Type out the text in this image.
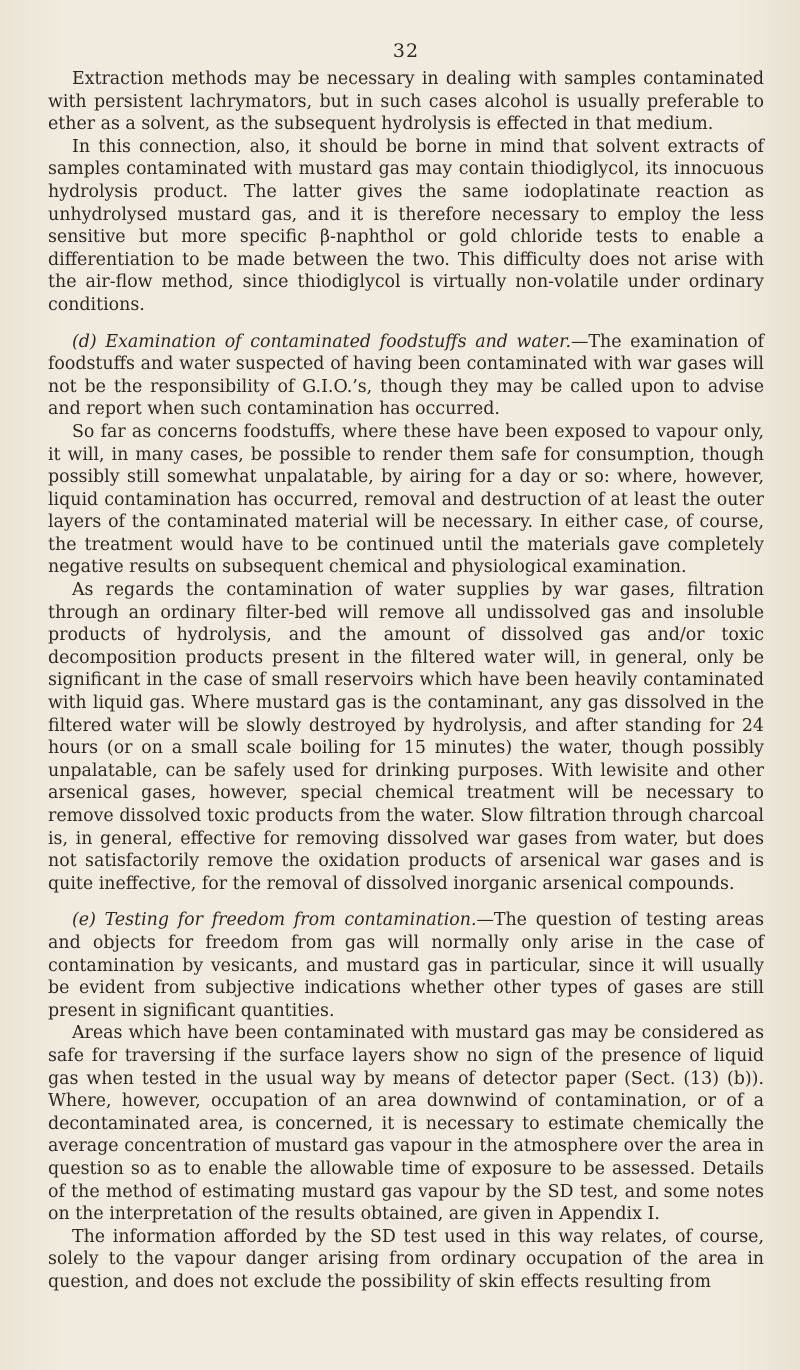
32

Extraction methods may be necessary in dealing with samples contaminated with persistent lachrymators, but in such cases alcohol is usually preferable to ether as a solvent, as the subsequent hydrolysis is effected in that medium.

In this connection, also, it should be borne in mind that solvent extracts of samples contaminated with mustard gas may contain thiodiglycol, its innocuous hydrolysis product. The latter gives the same iodoplatinate reaction as unhydrolysed mustard gas, and it is therefore necessary to employ the less sensitive but more specific β-naphthol or gold chloride tests to enable a differentiation to be made between the two. This difficulty does not arise with the air-flow method, since thiodiglycol is virtually non-volatile under ordinary conditions.

(d) Examination of contaminated foodstuffs and water.—The examination of foodstuffs and water suspected of having been contaminated with war gases will not be the responsibility of G.I.O.’s, though they may be called upon to advise and report when such contamination has occurred.

So far as concerns foodstuffs, where these have been exposed to vapour only, it will, in many cases, be possible to render them safe for consumption, though possibly still somewhat unpalatable, by airing for a day or so: where, however, liquid contamination has occurred, removal and destruction of at least the outer layers of the contaminated material will be necessary. In either case, of course, the treatment would have to be continued until the materials gave completely negative results on subsequent chemical and physiological examination.

As regards the contamination of water supplies by war gases, filtration through an ordinary filter-bed will remove all undissolved gas and insoluble products of hydrolysis, and the amount of dissolved gas and/or toxic decomposition products present in the filtered water will, in general, only be significant in the case of small reservoirs which have been heavily contaminated with liquid gas. Where mustard gas is the contaminant, any gas dissolved in the filtered water will be slowly destroyed by hydrolysis, and after standing for 24 hours (or on a small scale boiling for 15 minutes) the water, though possibly unpalatable, can be safely used for drinking purposes. With lewisite and other arsenical gases, however, special chemical treatment will be necessary to remove dissolved toxic products from the water. Slow filtration through charcoal is, in general, effective for removing dissolved war gases from water, but does not satisfactorily remove the oxidation products of arsenical war gases and is quite ineffective, for the removal of dissolved inorganic arsenical compounds.

(e) Testing for freedom from contamination.—The question of testing areas and objects for freedom from gas will normally only arise in the case of contamination by vesicants, and mustard gas in particular, since it will usually be evident from subjective indications whether other types of gases are still present in significant quantities.

Areas which have been contaminated with mustard gas may be considered as safe for traversing if the surface layers show no sign of the presence of liquid gas when tested in the usual way by means of detector paper (Sect. (13) (b)). Where, however, occupation of an area downwind of contamination, or of a decontaminated area, is concerned, it is necessary to estimate chemically the average concentration of mustard gas vapour in the atmosphere over the area in question so as to enable the allowable time of exposure to be assessed. Details of the method of estimating mustard gas vapour by the SD test, and some notes on the interpretation of the results obtained, are given in Appendix I.

The information afforded by the SD test used in this way relates, of course, solely to the vapour danger arising from ordinary occupation of the area in question, and does not exclude the possibility of skin effects resulting from
